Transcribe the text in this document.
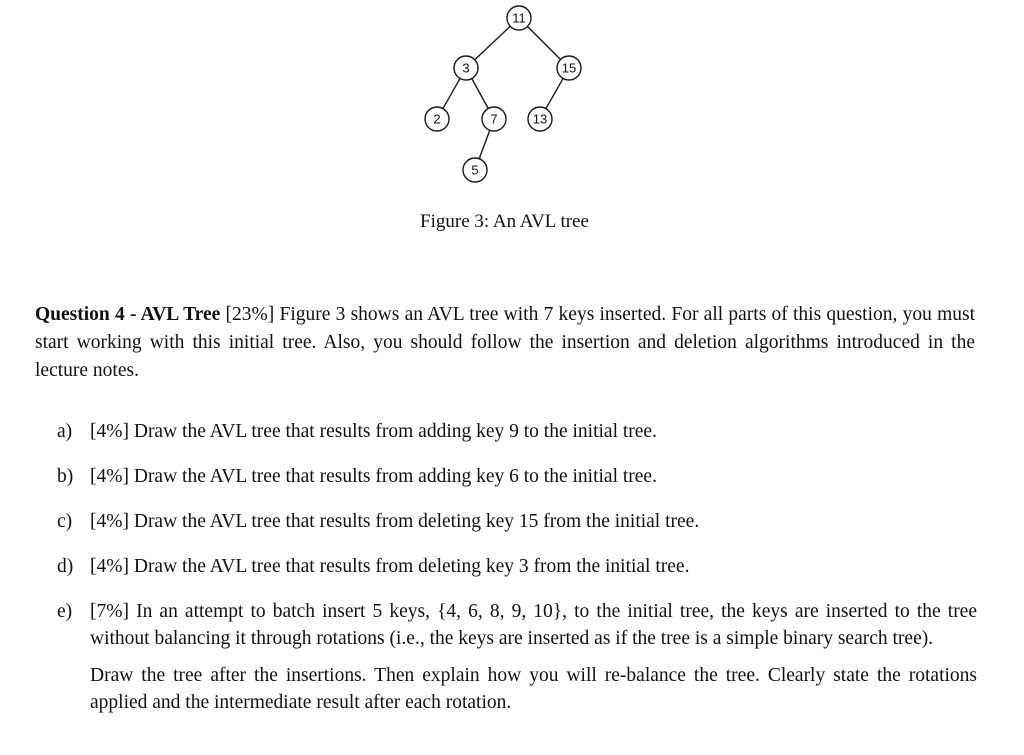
11
3	15
2	7	13
5
Figure 3: An AVL tree
Question 4 - AVL Tree [23%] Figure 3 shows an AVL tree with 7 keys inserted. For all parts of this question, you must start working with this initial tree. Also, you should follow the insertion and deletion algorithms introduced in the lecture notes.
a) [4%] Draw the AVL tree that results from adding key 9 to the initial tree.

b) [4%] Draw the AVL tree that results from adding key 6 to the initial tree.

c) [4%] Draw the AVL tree that results from deleting key 15 from the initial tree.

d) [4%] Draw the AVL tree that results from deleting key 3 from the initial tree.

e) [7%] In an attempt to batch insert 5 keys, {4, 6, 8, 9, 10}, to the initial tree, the keys are inserted to the tree without balancing it through rotations (i.e., the keys are inserted as if the tree is a simple binary search tree).

Draw the tree after the insertions. Then explain how you will re-balance the tree. Clearly state the rotations applied and the intermediate result after each rotation.
